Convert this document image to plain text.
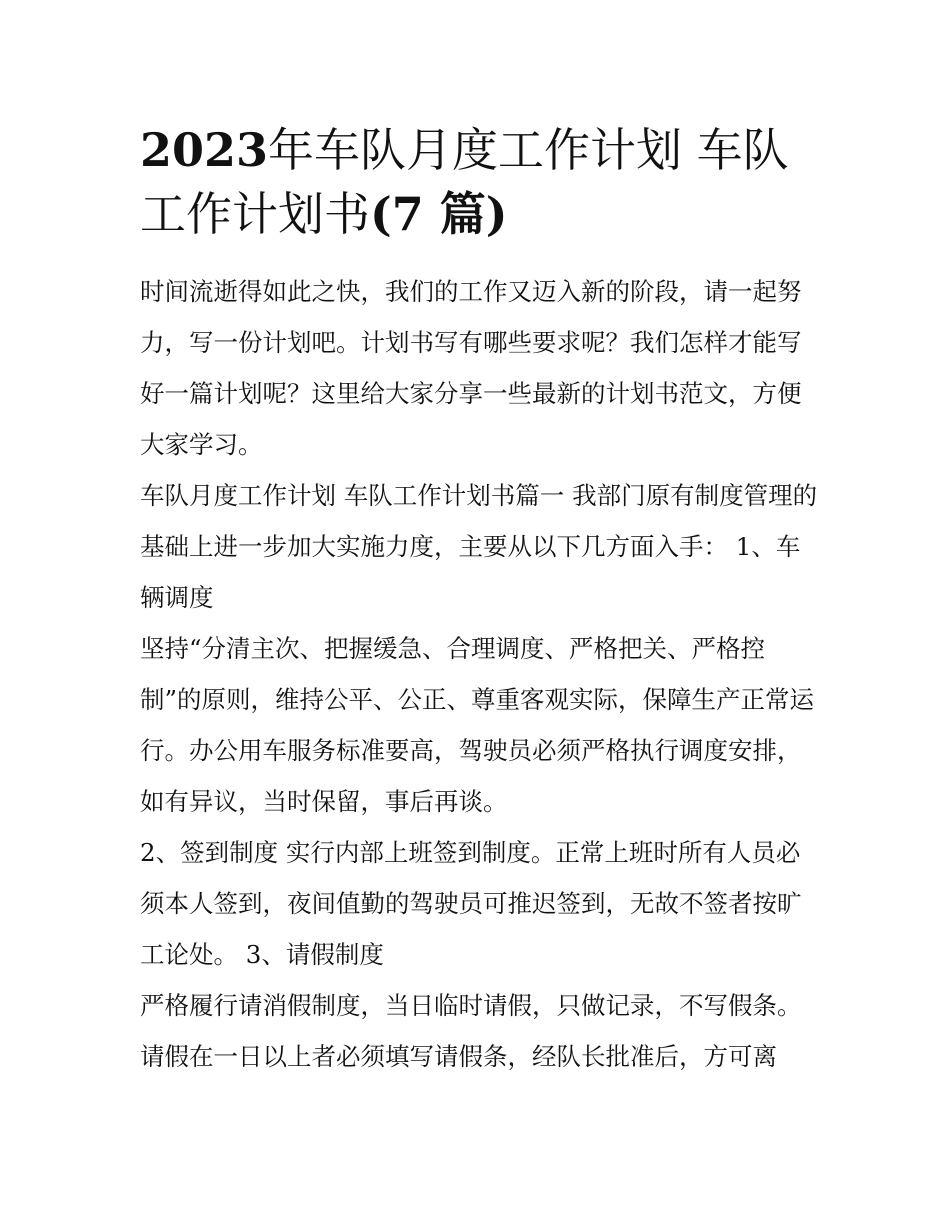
2023年车队月度工作计划 车队工作计划书(7 篇)

时间流逝得如此之快，我们的工作又迈入新的阶段，请一起努力，写一份计划吧。计划书写有哪些要求呢？我们怎样才能写好一篇计划呢？这里给大家分享一些最新的计划书范文，方便大家学习。

车队月度工作计划 车队工作计划书篇一 我部门原有制度管理的基础上进一步加大实施力度，主要从以下几方面入手： 1、车辆调度

坚持“分清主次、把握缓急、合理调度、严格把关、严格控制”的原则，维持公平、公正、尊重客观实际，保障生产正常运行。办公用车服务标准要高，驾驶员必须严格执行调度安排，如有异议，当时保留，事后再谈。

2、签到制度 实行内部上班签到制度。正常上班时所有人员必须本人签到，夜间值勤的驾驶员可推迟签到，无故不签者按旷工论处。 3、请假制度

严格履行请消假制度，当日临时请假，只做记录，不写假条。请假在一日以上者必须填写请假条，经队长批准后，方可离
